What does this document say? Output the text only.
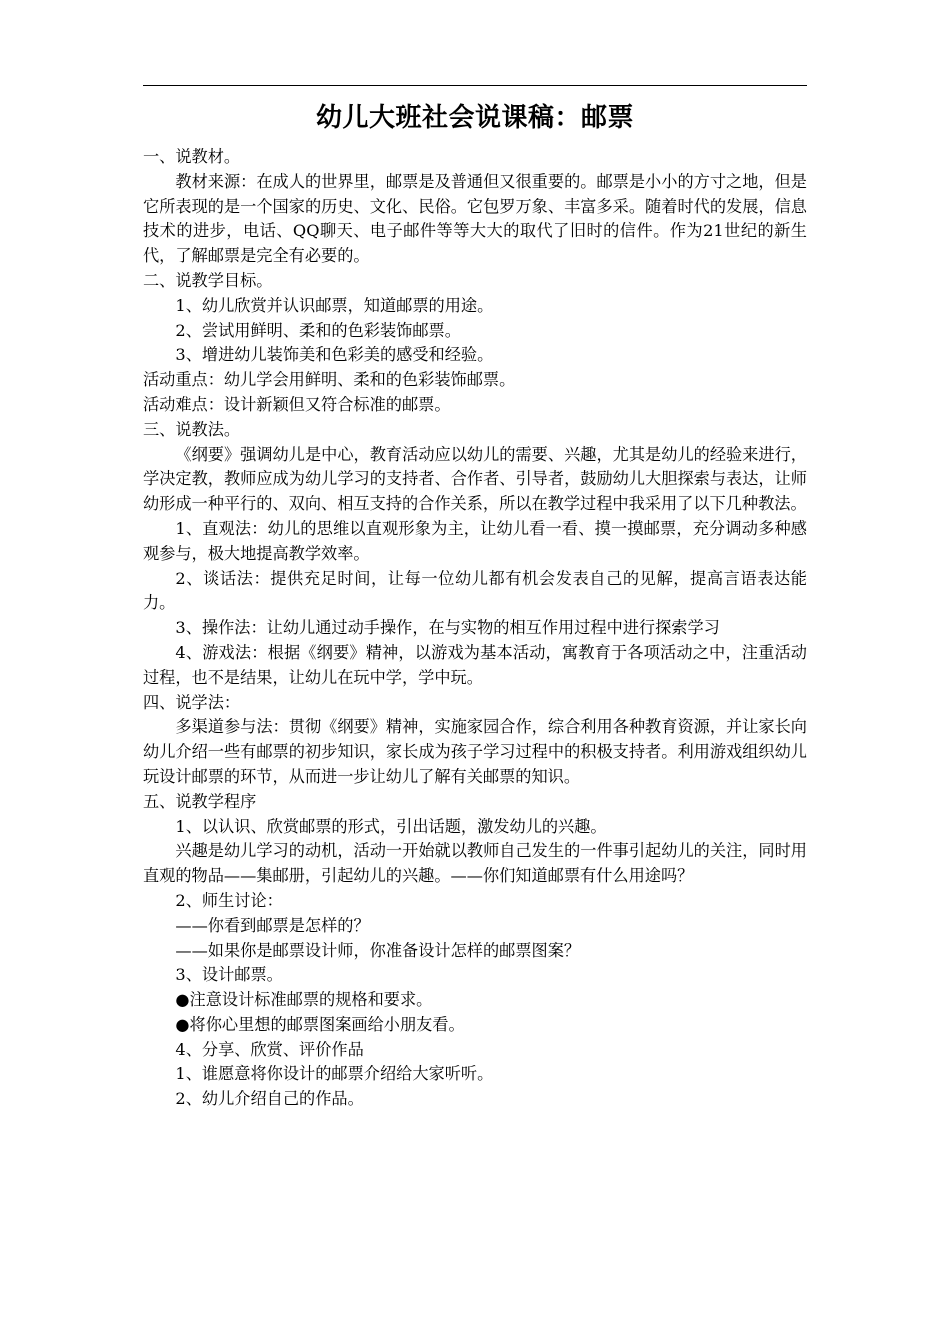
幼儿大班社会说课稿：邮票

一、说教材。

教材来源：在成人的世界里，邮票是及普通但又很重要的。邮票是小小的方寸之地，但是它所表现的是一个国家的历史、文化、民俗。它包罗万象、丰富多采。随着时代的发展，信息技术的进步，电话、QQ聊天、电子邮件等等大大的取代了旧时的信件。作为21世纪的新生代，了解邮票是完全有必要的。

二、说教学目标。

1、幼儿欣赏并认识邮票，知道邮票的用途。

2、尝试用鲜明、柔和的色彩装饰邮票。

3、增进幼儿装饰美和色彩美的感受和经验。

活动重点：幼儿学会用鲜明、柔和的色彩装饰邮票。

活动难点：设计新颖但又符合标准的邮票。

三、说教法。

《纲要》强调幼儿是中心，教育活动应以幼儿的需要、兴趣，尤其是幼儿的经验来进行，学决定教，教师应成为幼儿学习的支持者、合作者、引导者，鼓励幼儿大胆探索与表达，让师幼形成一种平行的、双向、相互支持的合作关系，所以在教学过程中我采用了以下几种教法。

1、直观法：幼儿的思维以直观形象为主，让幼儿看一看、摸一摸邮票，充分调动多种感观参与，极大地提高教学效率。

2、谈话法：提供充足时间，让每一位幼儿都有机会发表自己的见解，提高言语表达能力。

3、操作法：让幼儿通过动手操作，在与实物的相互作用过程中进行探索学习

4、游戏法：根据《纲要》精神，以游戏为基本活动，寓教育于各项活动之中，注重活动过程，也不是结果，让幼儿在玩中学，学中玩。

四、说学法：

多渠道参与法：贯彻《纲要》精神，实施家园合作，综合利用各种教育资源，并让家长向幼儿介绍一些有邮票的初步知识，家长成为孩子学习过程中的积极支持者。利用游戏组织幼儿玩设计邮票的环节，从而进一步让幼儿了解有关邮票的知识。

五、说教学程序

1、以认识、欣赏邮票的形式，引出话题，激发幼儿的兴趣。

兴趣是幼儿学习的动机，活动一开始就以教师自己发生的一件事引起幼儿的关注，同时用直观的物品——集邮册，引起幼儿的兴趣。——你们知道邮票有什么用途吗？

2、师生讨论：

——你看到邮票是怎样的？

——如果你是邮票设计师，你准备设计怎样的邮票图案？

3、设计邮票。

●注意设计标准邮票的规格和要求。

●将你心里想的邮票图案画给小朋友看。

4、分享、欣赏、评价作品

1、谁愿意将你设计的邮票介绍给大家听听。

2、幼儿介绍自己的作品。
